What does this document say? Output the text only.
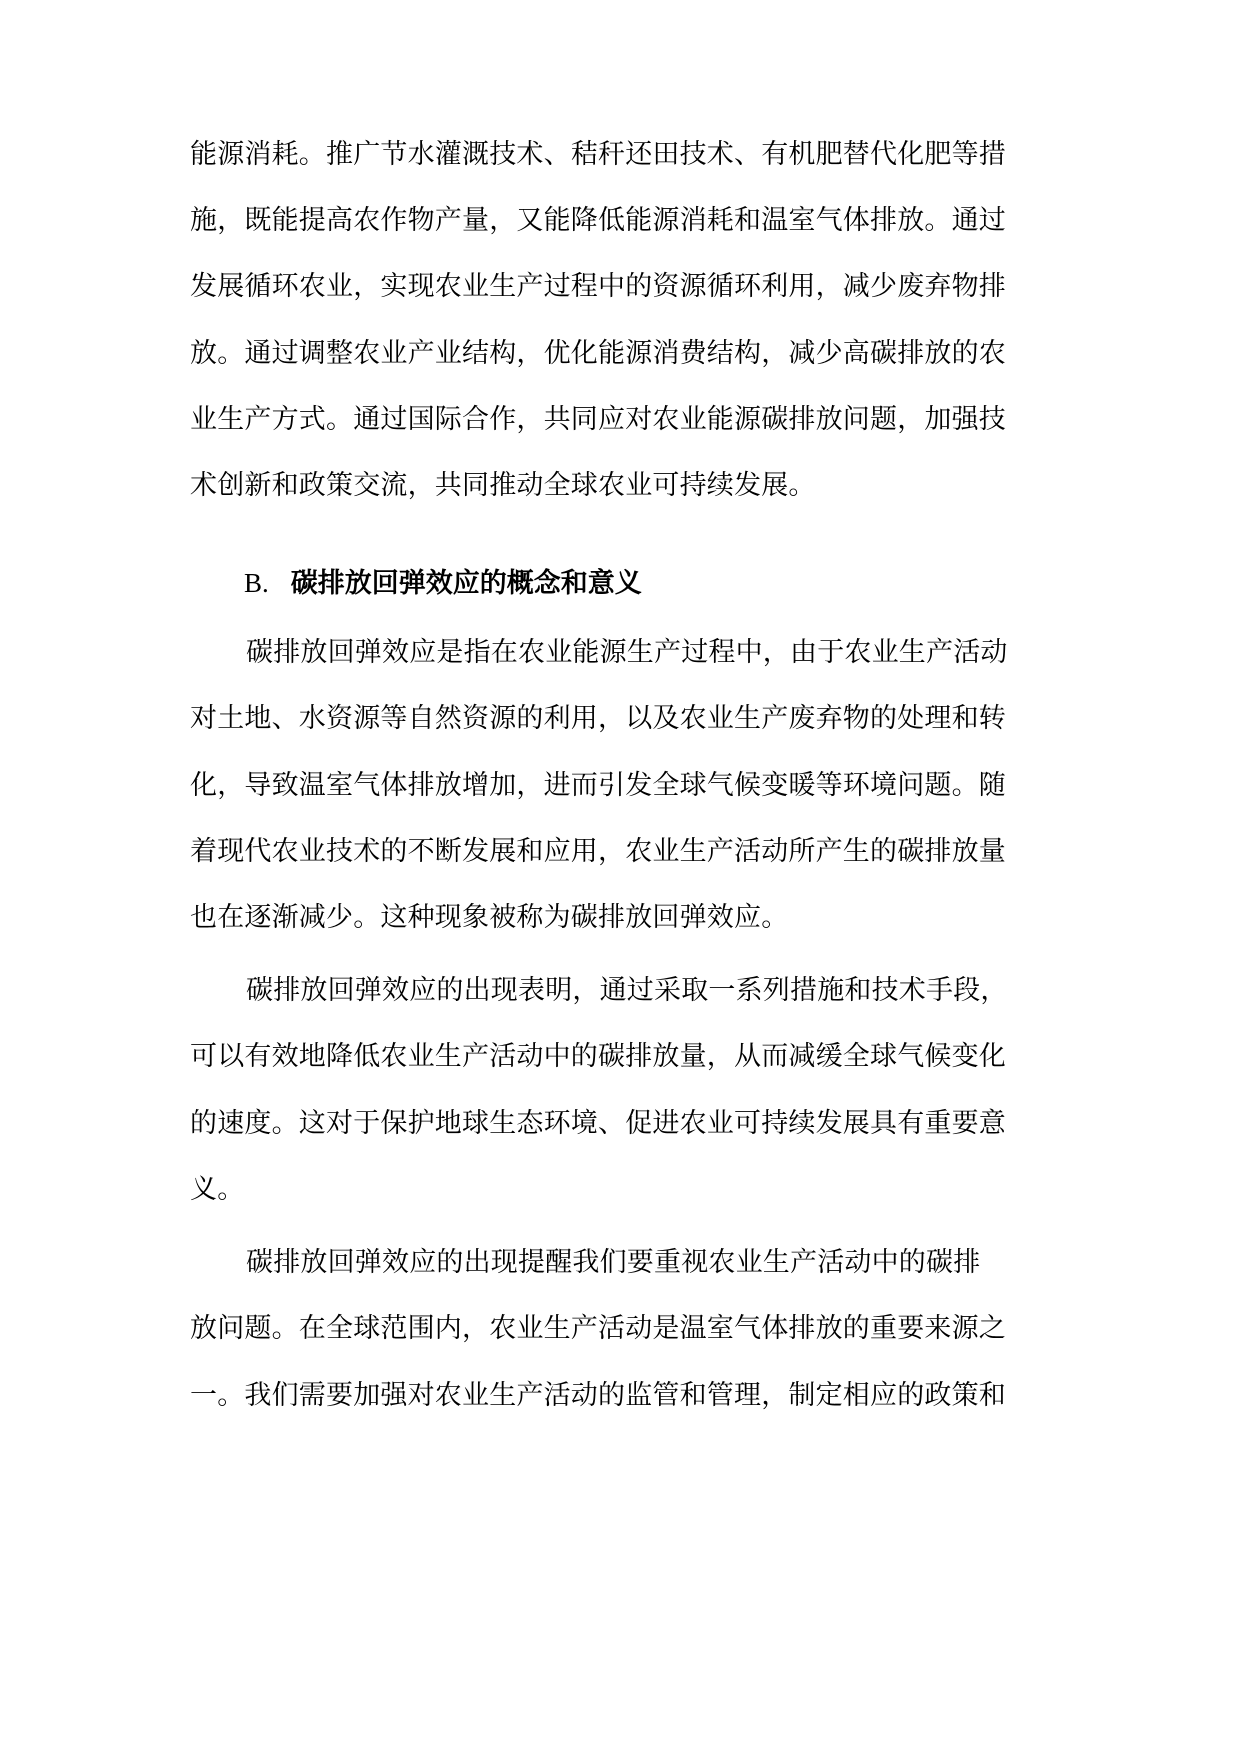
能源消耗。推广节水灌溉技术、秸秆还田技术、有机肥替代化肥等措
施，既能提高农作物产量，又能降低能源消耗和温室气体排放。通过
发展循环农业，实现农业生产过程中的资源循环利用，减少废弃物排
放。通过调整农业产业结构，优化能源消费结构，减少高碳排放的农
业生产方式。通过国际合作，共同应对农业能源碳排放问题，加强技
术创新和政策交流，共同推动全球农业可持续发展。
B. 碳排放回弹效应的概念和意义
碳排放回弹效应是指在农业能源生产过程中，由于农业生产活动
对土地、水资源等自然资源的利用，以及农业生产废弃物的处理和转
化，导致温室气体排放增加，进而引发全球气候变暖等环境问题。随
着现代农业技术的不断发展和应用，农业生产活动所产生的碳排放量
也在逐渐减少。这种现象被称为碳排放回弹效应。
碳排放回弹效应的出现表明，通过采取一系列措施和技术手段，
可以有效地降低农业生产活动中的碳排放量，从而减缓全球气候变化
的速度。这对于保护地球生态环境、促进农业可持续发展具有重要意
义。
碳排放回弹效应的出现提醒我们要重视农业生产活动中的碳排
放问题。在全球范围内，农业生产活动是温室气体排放的重要来源之
一。我们需要加强对农业生产活动的监管和管理，制定相应的政策和
